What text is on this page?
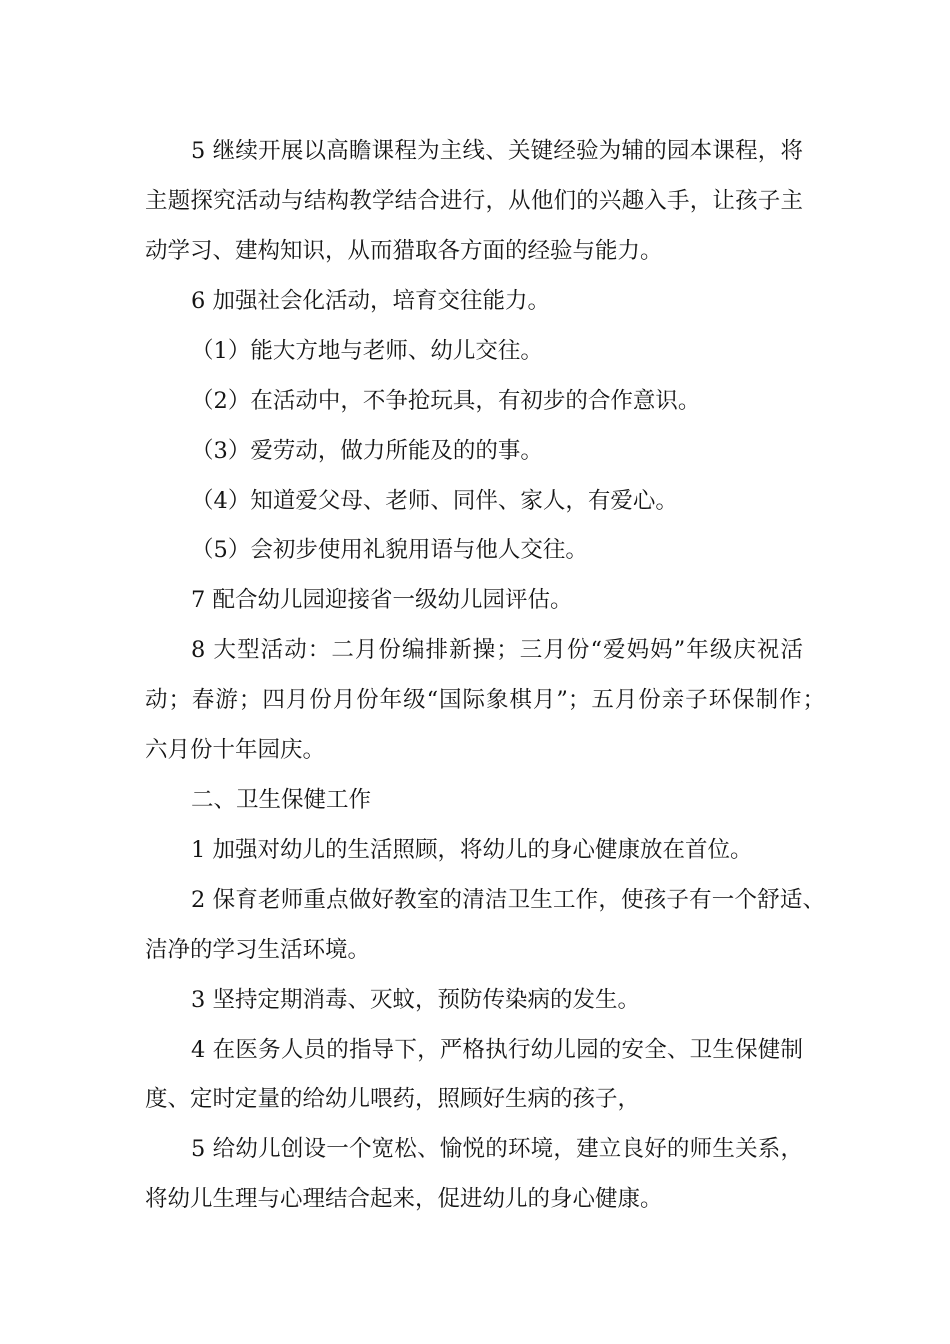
5 继续开展以高瞻课程为主线、关键经验为辅的园本课程，将
主题探究活动与结构教学结合进行，从他们的兴趣入手，让孩子主
动学习、建构知识，从而猎取各方面的经验与能力。
6 加强社会化活动，培育交往能力。
（1）能大方地与老师、幼儿交往。
（2）在活动中，不争抢玩具，有初步的合作意识。
（3）爱劳动，做力所能及的的事。
（4）知道爱父母、老师、同伴、家人，有爱心。
（5）会初步使用礼貌用语与他人交往。
7 配合幼儿园迎接省一级幼儿园评估。
8 大型活动：二月份编排新操；三月份“爱妈妈”年级庆祝活
动；春游；四月份月份年级“国际象棋月”；五月份亲子环保制作；
六月份十年园庆。
二、卫生保健工作
1 加强对幼儿的生活照顾，将幼儿的身心健康放在首位。
2 保育老师重点做好教室的清洁卫生工作，使孩子有一个舒适、
洁净的学习生活环境。
3 坚持定期消毒、灭蚊，预防传染病的发生。
4 在医务人员的指导下，严格执行幼儿园的安全、卫生保健制
度、定时定量的给幼儿喂药，照顾好生病的孩子，
5 给幼儿创设一个宽松、愉悦的环境，建立良好的师生关系，
将幼儿生理与心理结合起来，促进幼儿的身心健康。
